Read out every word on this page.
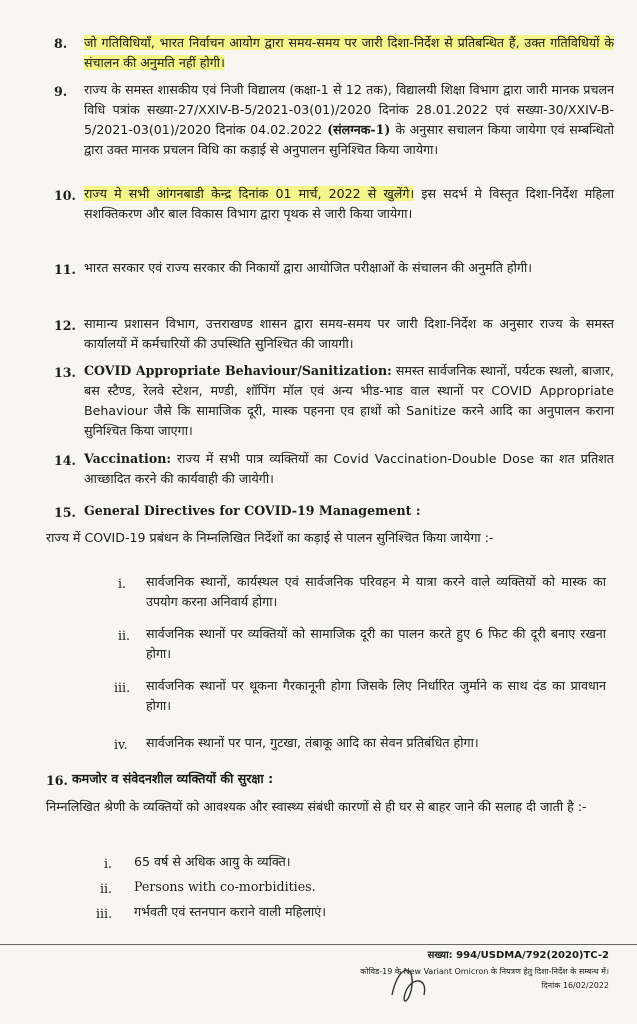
8. जो गतिविधियाँ, भारत निर्वाचन आयोग द्वारा समय-समय पर जारी दिशा-निर्देश से प्रतिबन्धित हैं, उक्त गतिविधियों के संचालन की अनुमति नहीं होगी।
9. राज्य के समस्त शासकीय एवं निजी विद्यालय (कक्षा-1 से 12 तक), विद्यालयी शिक्षा विभाग द्वारा जारी मानक प्रचलन विधि पत्रांक सख्या-27/XXIV-B-5/2021-03(01)/2020 दिनांक 28.01.2022 एवं सख्या-30/XXIV-B-5/2021-03(01)/2020 दिनांक 04.02.2022 (संलग्नक-1) के अनुसार सचालन किया जायेगा एवं सम्बन्धितो द्वारा उक्त मानक प्रचलन विधि का कड़ाई से अनुपालन सुनिश्चित किया जायेगा।
10. राज्य मे सभी आंगनबाडी केन्द्र दिनांक 01 मार्च, 2022 से खुलेंगे। इस सदर्भ मे विस्तृत दिशा-निर्देश महिला सशक्तिकरण और बाल विकास विभाग द्वारा पृथक से जारी किया जायेगा।
11. भारत सरकार एवं राज्य सरकार की निकायों द्वारा आयोजित परीक्षाओं के संचालन की अनुमति होगी।
12. सामान्य प्रशासन विभाग, उत्तराखण्ड शासन द्वारा समय-समय पर जारी दिशा-निर्देश क अनुसार राज्य के समस्त कार्यालयों में कर्मचारियों की उपस्थिति सुनिश्चित की जायगी।
13. COVID Appropriate Behaviour/Sanitization: समस्त सार्वजनिक स्थानों, पर्यटक स्थलो, बाजार, बस स्टैण्ड, रेलवे स्टेशन, मण्डी, शॉपिंग मॉल एवं अन्य भीड-भाड वाल स्थानों पर COVID Appropriate Behaviour जैसे कि सामाजिक दूरी, मास्क पहनना एव हाथों को Sanitize करने आदि का अनुपालन कराना सुनिश्चित किया जाएगा।
14. Vaccination: राज्य में सभी पात्र व्यक्तियों का Covid Vaccination-Double Dose का शत प्रतिशत आच्छादित करने की कार्यवाही की जायेगी।
15. General Directives for COVID-19 Management :
राज्य में COVID-19 प्रबंधन के निम्नलिखित निर्देशों का कड़ाई से पालन सुनिश्चित किया जायेगा :-
i. सार्वजनिक स्थानों, कार्यस्थल एवं सार्वजनिक परिवहन मे यात्रा करने वाले व्यक्तियों को मास्क का उपयोग करना अनिवार्य होगा।
ii. सार्वजनिक स्थानों पर व्यक्तियों को सामाजिक दूरी का पालन करते हुए 6 फिट की दूरी बनाए रखना होगा।
iii. सार्वजनिक स्थानों पर थूकना गैरकानूनी होगा जिसके लिए निर्धारित जुर्माने क साथ दंड का प्रावधान होगा।
iv. सार्वजनिक स्थानों पर पान, गुटखा, तंबाकू आदि का सेवन प्रतिबंधित होगा।
16. कमजोर व संवेदनशील व्यक्तियों की सुरक्षा :
निम्नलिखित श्रेणी के व्यक्तियों को आवश्यक और स्वास्थ्य संबंधी कारणों से ही घर से बाहर जाने की सलाह दी जाती है :-
i. 65 वर्ष से अधिक आयु के व्यक्ति।
ii. Persons with co-morbidities.
iii. गर्भवती एवं स्तनपान कराने वाली महिलाएं।
सख्या: 994/USDMA/792(2020)TC-2
कोविड-19 के New Variant Omicron के नियत्रण हेतु दिशा-निर्देश के सम्बन्ध में।
दिनांक 16/02/2022
